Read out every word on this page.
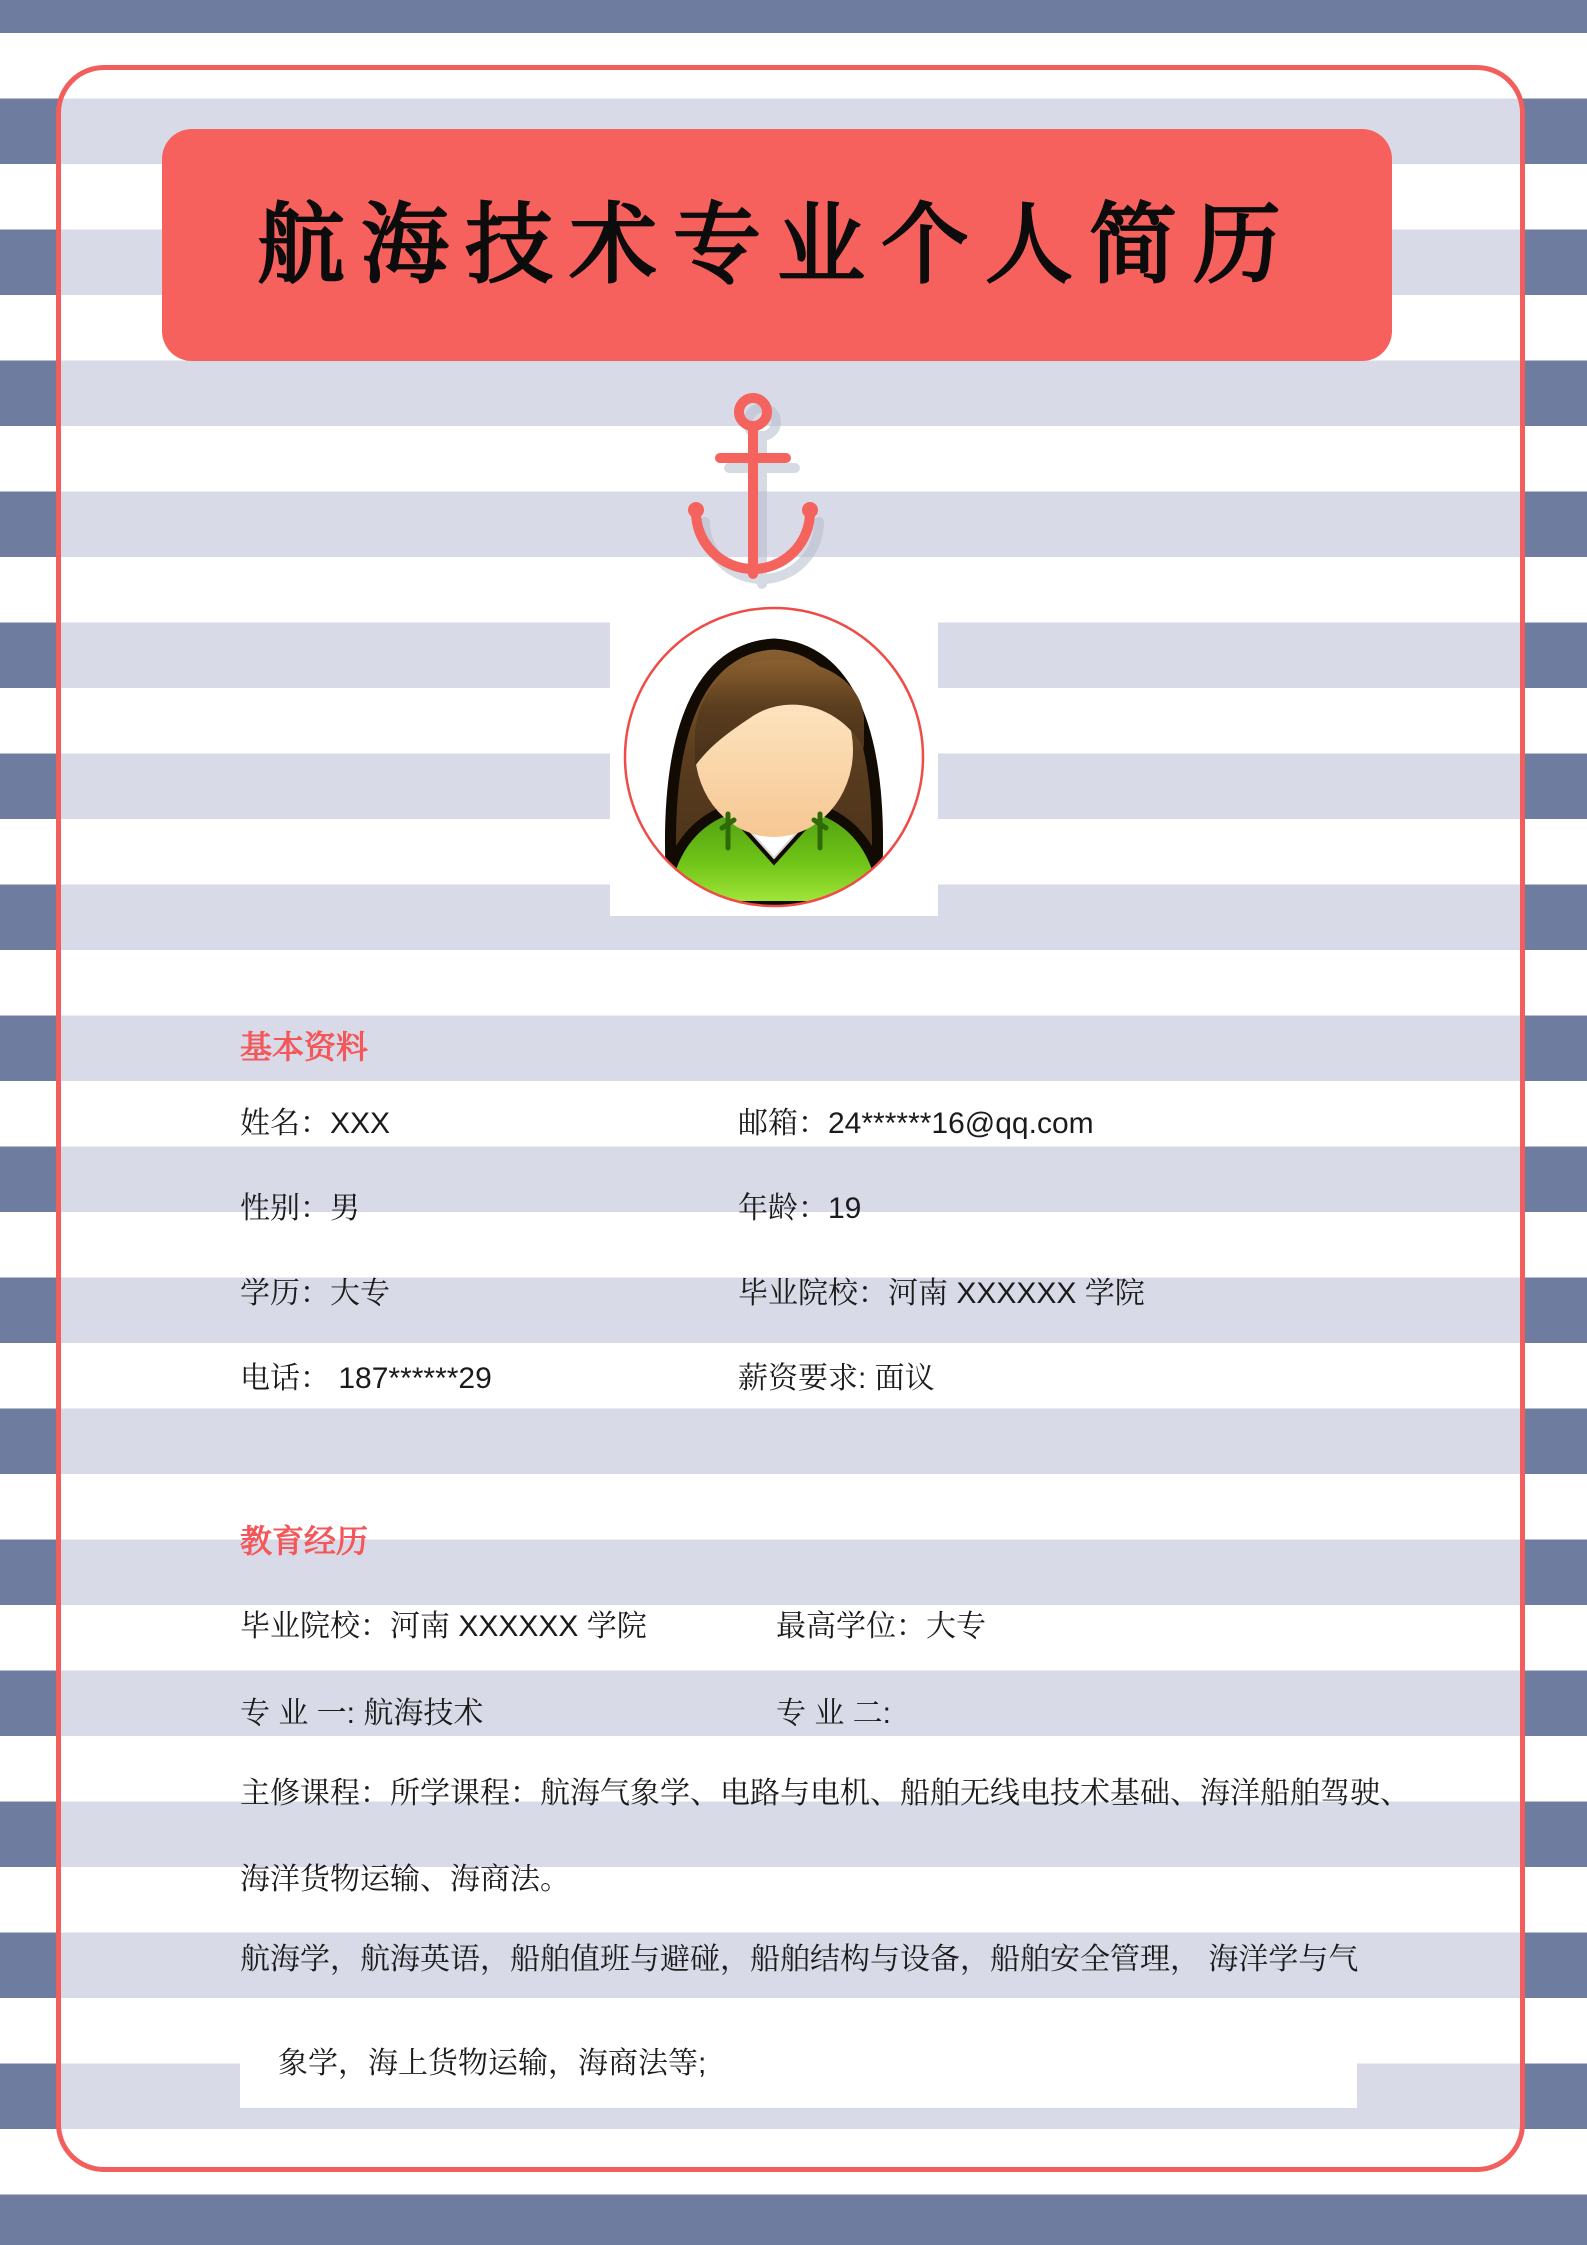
航海技术专业个人简历
基本资料
姓名：XXX	邮箱：24******16@qq.com
性别：男	年龄：19
学历：大专	毕业院校：河南 XXXXXX 学院
电话： 187******29	薪资要求: 面议
教育经历
毕业院校：河南 XXXXXX 学院	最高学位：大专
专 业 一: 航海技术	专 业 二:
主修课程：所学课程：航海气象学、电路与电机、船舶无线电技术基础、海洋船舶驾驶、
海洋货物运输、海商法。
航海学，航海英语，船舶值班与避碰，船舶结构与设备，船舶安全管理， 海洋学与气
象学，海上货物运输，海商法等;
